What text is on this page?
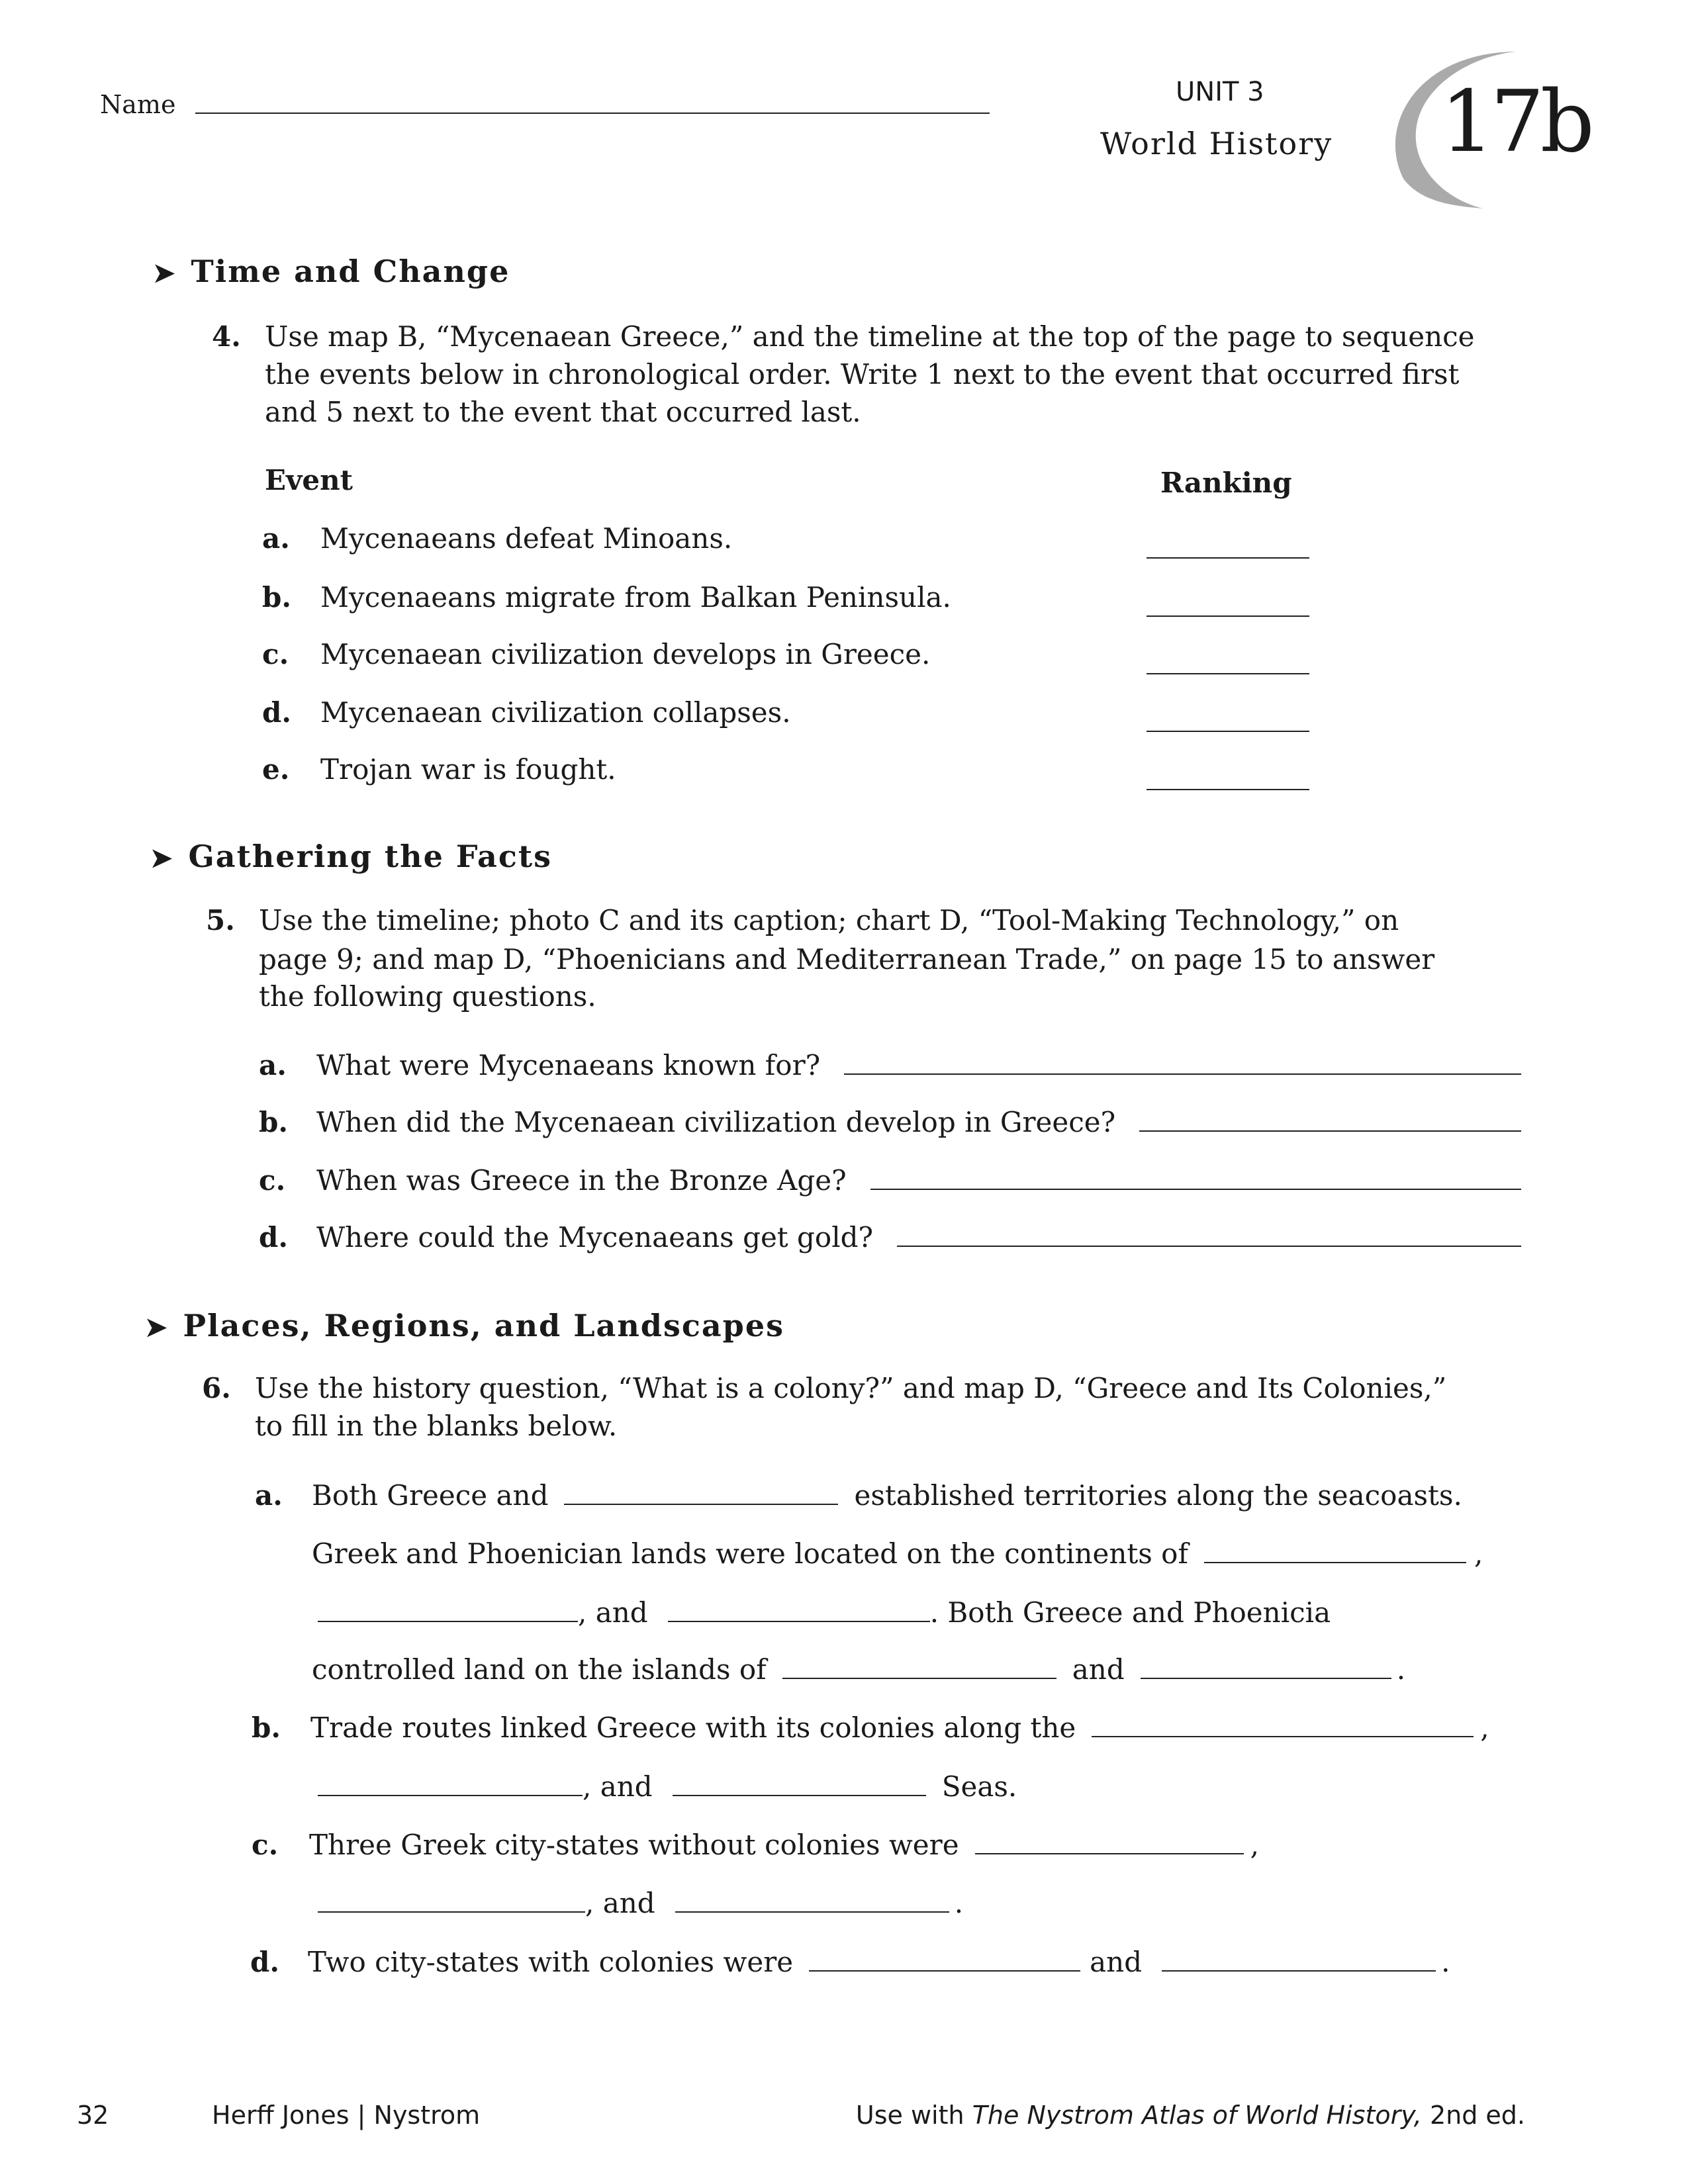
Name	UNIT 3
World History 17b
➤ Time and Change
4. Use map B, “Mycenaean Greece,” and the timeline at the top of the page to sequence
the events below in chronological order. Write 1 next to the event that occurred first
and 5 next to the event that occurred last.
Event	Ranking
a. Mycenaeans defeat Minoans.
b. Mycenaeans migrate from Balkan Peninsula.
c. Mycenaean civilization develops in Greece.
d. Mycenaean civilization collapses.
e. Trojan war is fought.
➤ Gathering the Facts
5. Use the timeline; photo C and its caption; chart D, “Tool-Making Technology,” on
page 9; and map D, “Phoenicians and Mediterranean Trade,” on page 15 to answer
the following questions.
a.	What were Mycenaeans known for?
b.	When did the Mycenaean civilization develop in Greece?
c.	When was Greece in the Bronze Age?
d.	Where could the Mycenaeans get gold?
➤ Places, Regions, and Landscapes
6. Use the history question, “What is a colony?” and map D, “Greece and Its Colonies,”
to fill in the blanks below.
a. Both Greece and	established territories along the seacoasts.
Greek and Phoenician lands were located on the continents of	,
, and	. Both Greece and Phoenicia
controlled land on the islands of	and	.
b. Trade routes linked Greece with its colonies along the	,
, and	Seas.
c. Three Greek city-states without colonies were	,
, and	.
d. Two city-states with colonies were	and	.
32	Herff Jones | Nystrom	Use with The Nystrom Atlas of World History, 2nd ed.
